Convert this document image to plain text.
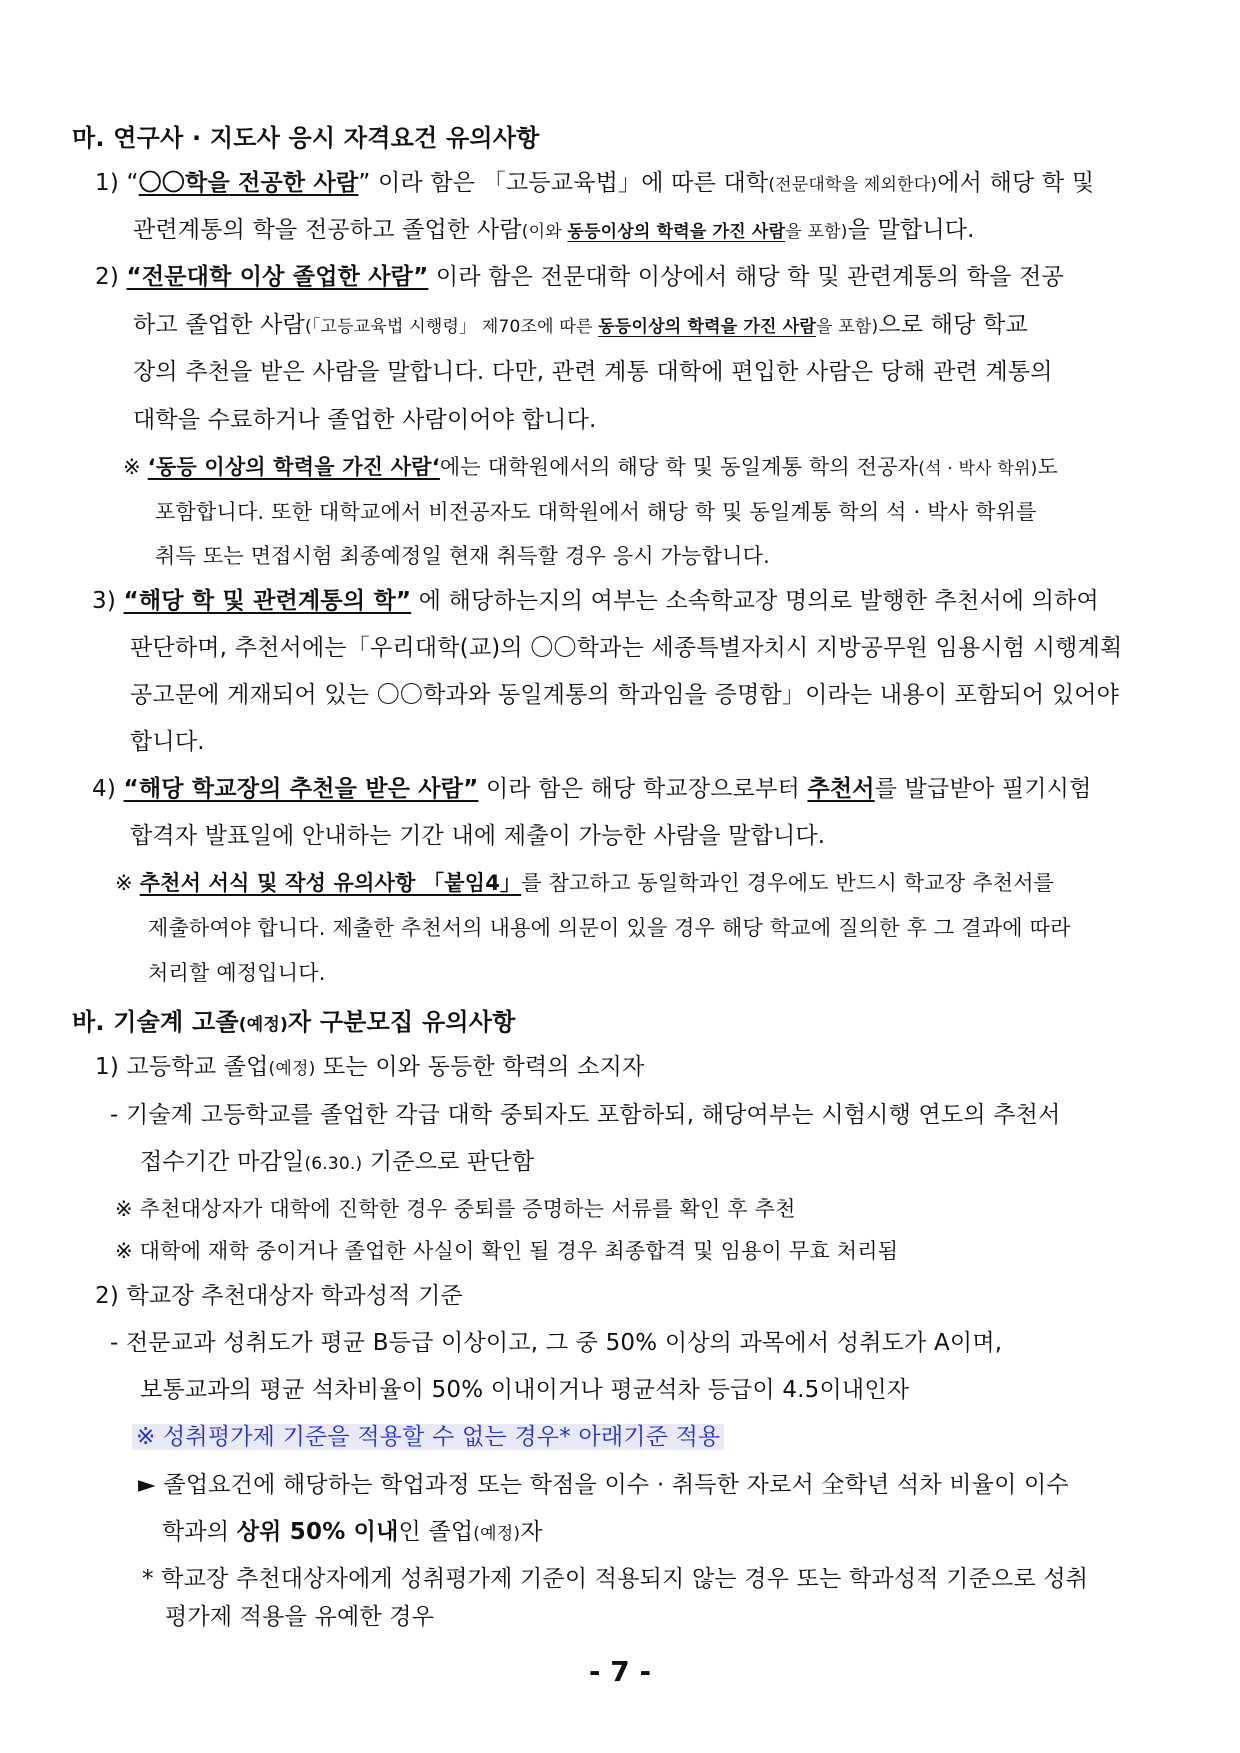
마. 연구사 · 지도사 응시 자격요건 유의사항
1) “〇〇학을 전공한 사람” 이라 함은 「고등교육법」에 따른 대학(전문대학을 제외한다)에서 해당 학 및
관련계통의 학을 전공하고 졸업한 사람(이와 동등이상의 학력을 가진 사람을 포함)을 말합니다.
2) “전문대학 이상 졸업한 사람” 이라 함은 전문대학 이상에서 해당 학 및 관련계통의 학을 전공
하고 졸업한 사람(「고등교육법 시행령」 제70조에 따른 동등이상의 학력을 가진 사람을 포함)으로 해당 학교
장의 추천을 받은 사람을 말합니다. 다만, 관련 계통 대학에 편입한 사람은 당해 관련 계통의
대학을 수료하거나 졸업한 사람이어야 합니다.
※ ‘동등 이상의 학력을 가진 사람‘에는 대학원에서의 해당 학 및 동일계통 학의 전공자(석 · 박사 학위)도
포함합니다. 또한 대학교에서 비전공자도 대학원에서 해당 학 및 동일계통 학의 석 · 박사 학위를
취득 또는 면접시험 최종예정일 현재 취득할 경우 응시 가능합니다.
3) “해당 학 및 관련계통의 학” 에 해당하는지의 여부는 소속학교장 명의로 발행한 추천서에 의하여
판단하며, 추천서에는「우리대학(교)의 〇〇학과는 세종특별자치시 지방공무원 임용시험 시행계획
공고문에 게재되어 있는 〇〇학과와 동일계통의 학과임을 증명함」이라는 내용이 포함되어 있어야
합니다.
4) “해당 학교장의 추천을 받은 사람” 이라 함은 해당 학교장으로부터 추천서를 발급받아 필기시험
합격자 발표일에 안내하는 기간 내에 제출이 가능한 사람을 말합니다.
※ 추천서 서식 및 작성 유의사항 「붙임4」를 참고하고 동일학과인 경우에도 반드시 학교장 추천서를
제출하여야 합니다. 제출한 추천서의 내용에 의문이 있을 경우 해당 학교에 질의한 후 그 결과에 따라
처리할 예정입니다.
바. 기술계 고졸(예정)자 구분모집 유의사항
1) 고등학교 졸업(예정) 또는 이와 동등한 학력의 소지자
- 기술계 고등학교를 졸업한 각급 대학 중퇴자도 포함하되, 해당여부는 시험시행 연도의 추천서
접수기간 마감일(6.30.) 기준으로 판단함
※ 추천대상자가 대학에 진학한 경우 중퇴를 증명하는 서류를 확인 후 추천
※ 대학에 재학 중이거나 졸업한 사실이 확인 될 경우 최종합격 및 임용이 무효 처리됨
2) 학교장 추천대상자 학과성적 기준
- 전문교과 성취도가 평균 B등급 이상이고, 그 중 50% 이상의 과목에서 성취도가 A이며,
보통교과의 평균 석차비율이 50% 이내이거나 평균석차 등급이 4.5이내인자
※ 성취평가제 기준을 적용할 수 없는 경우* 아래기준 적용
► 졸업요건에 해당하는 학업과정 또는 학점을 이수 · 취득한 자로서 全학년 석차 비율이 이수
학과의 상위 50% 이내인 졸업(예정)자
* 학교장 추천대상자에게 성취평가제 기준이 적용되지 않는 경우 또는 학과성적 기준으로 성취
평가제 적용을 유예한 경우
- 7 -
